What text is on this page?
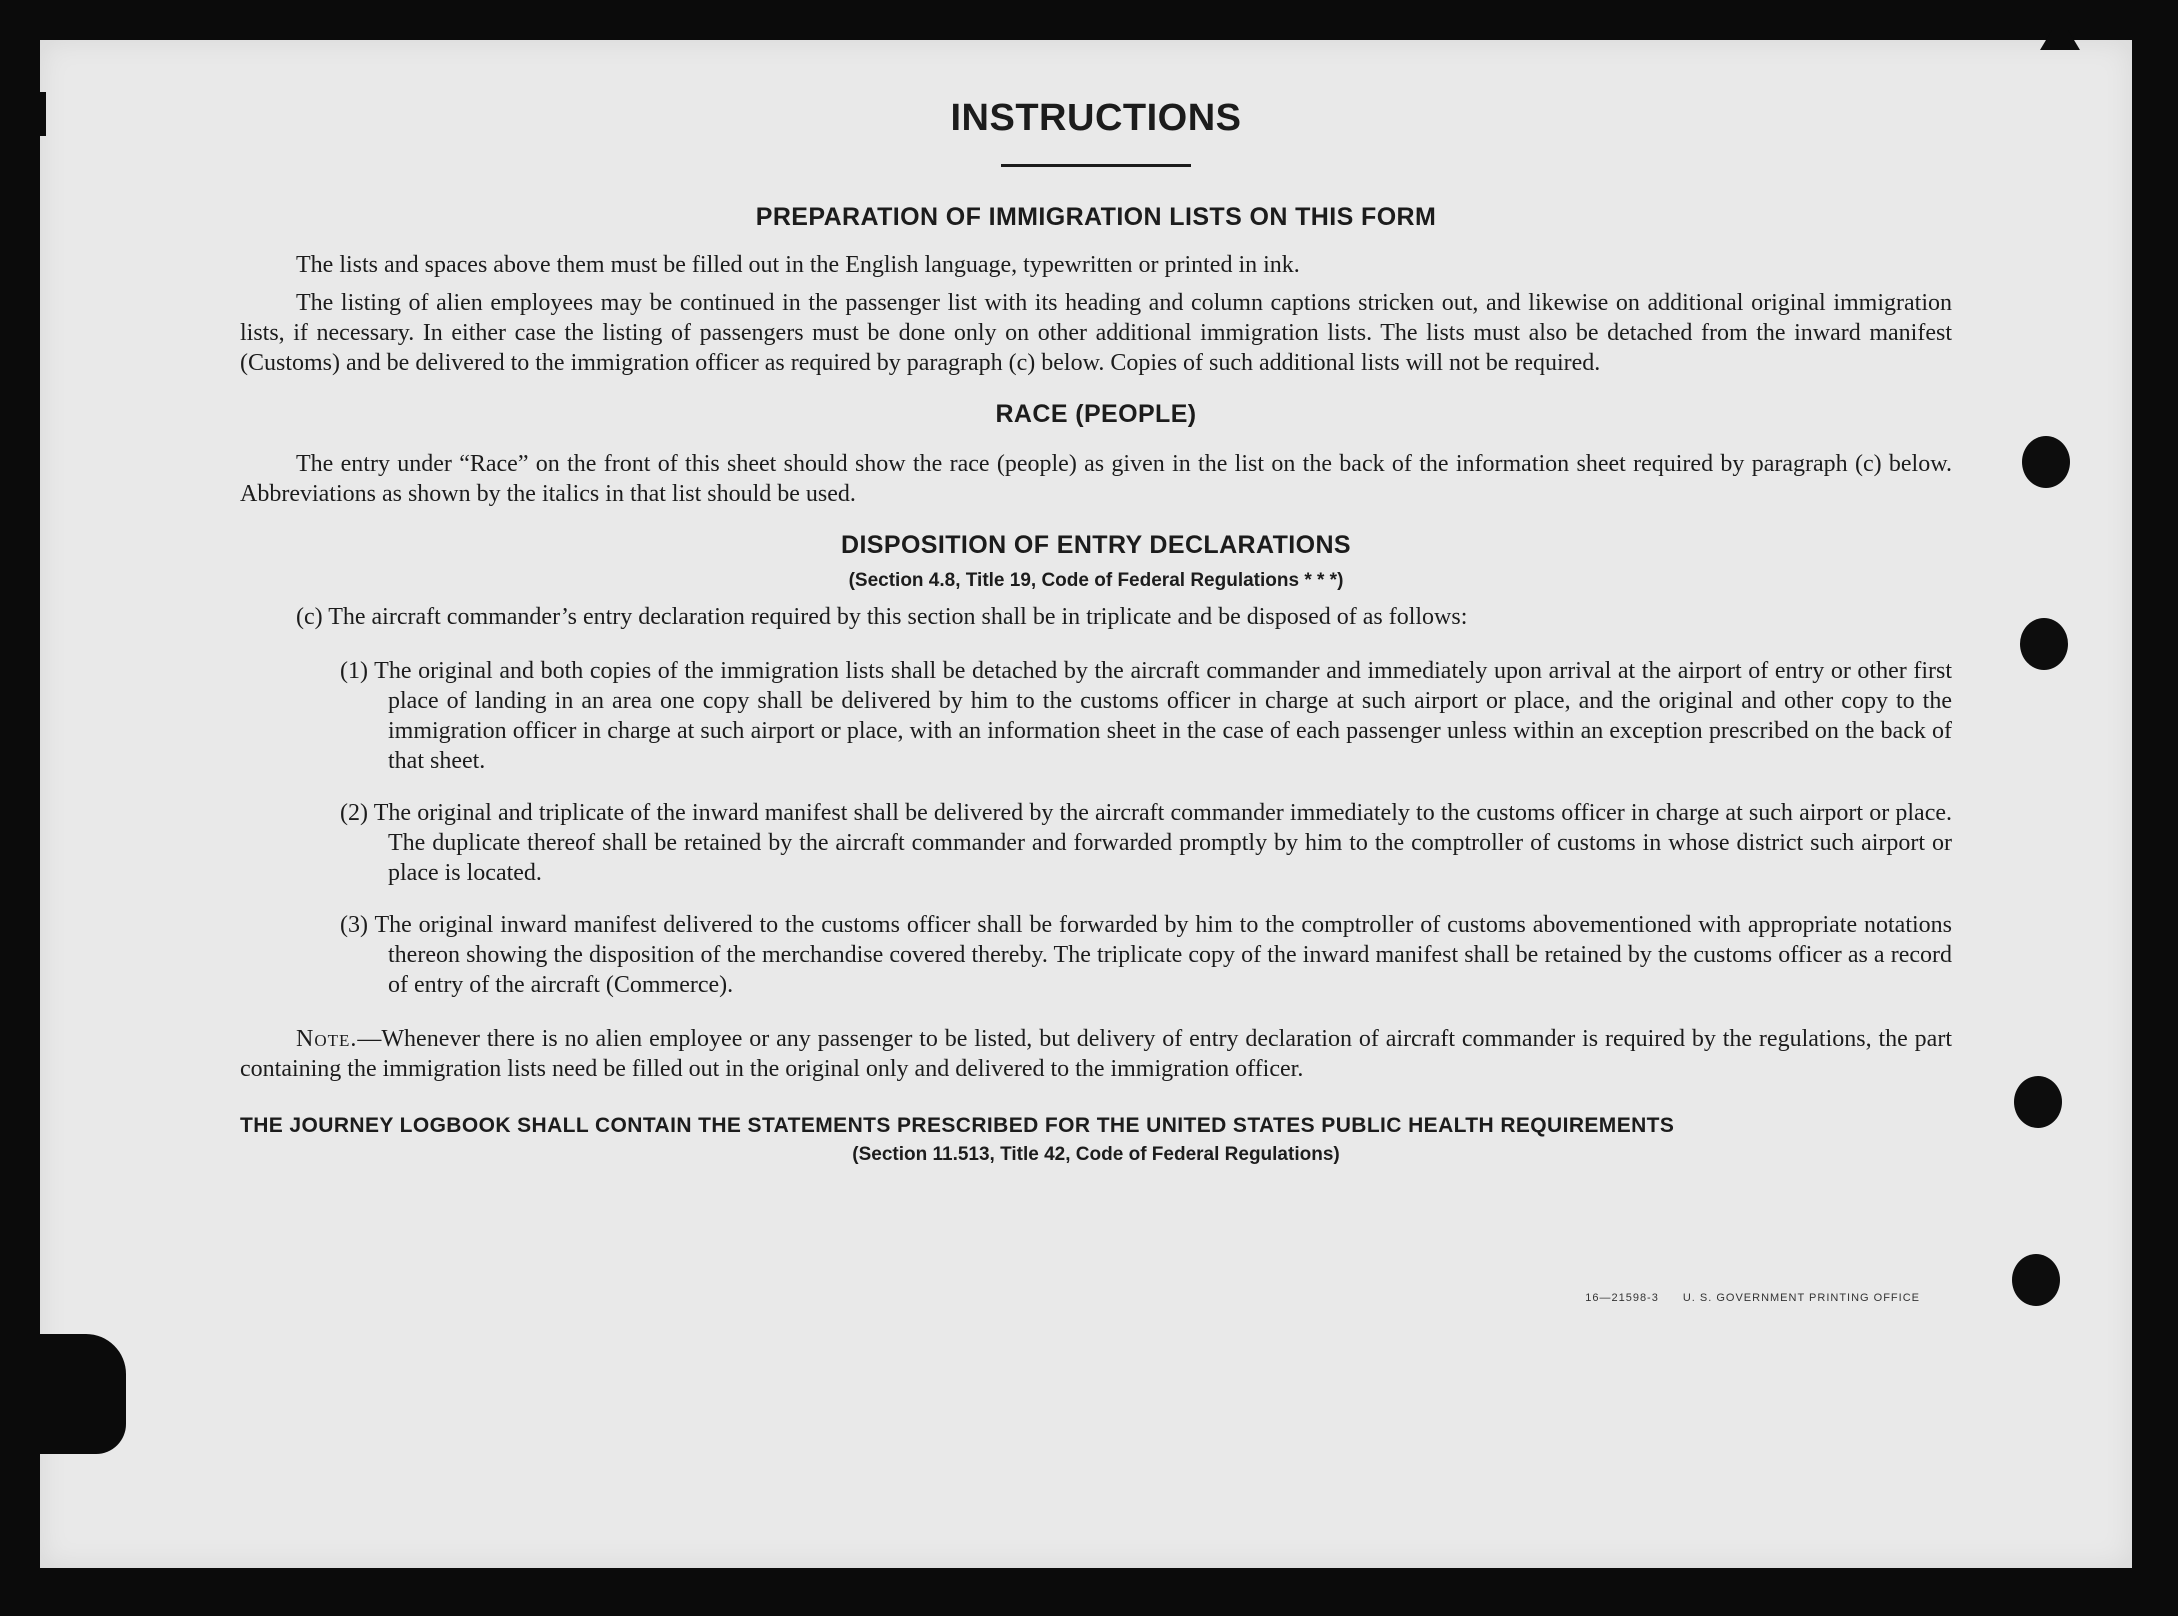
INSTRUCTIONS
PREPARATION OF IMMIGRATION LISTS ON THIS FORM

The lists and spaces above them must be filled out in the English language, typewritten or printed in ink.

The listing of alien employees may be continued in the passenger list with its heading and column captions stricken out, and likewise on additional original immigration lists, if necessary. In either case the listing of passengers must be done only on other additional immigration lists. The lists must also be detached from the inward manifest (Customs) and be delivered to the immigration officer as required by paragraph (c) below. Copies of such additional lists will not be required.

RACE (PEOPLE)

The entry under “Race” on the front of this sheet should show the race (people) as given in the list on the back of the information sheet required by paragraph (c) below. Abbreviations as shown by the italics in that list should be used.

DISPOSITION OF ENTRY DECLARATIONS
(Section 4.8, Title 19, Code of Federal Regulations * * *)

(c) The aircraft commander’s entry declaration required by this section shall be in triplicate and be disposed of as follows:

(1) The original and both copies of the immigration lists shall be detached by the aircraft commander and immediately upon arrival at the airport of entry or other first place of landing in an area one copy shall be delivered by him to the customs officer in charge at such airport or place, and the original and other copy to the immigration officer in charge at such airport or place, with an information sheet in the case of each passenger unless within an exception prescribed on the back of that sheet.

(2) The original and triplicate of the inward manifest shall be delivered by the aircraft commander immediately to the customs officer in charge at such airport or place. The duplicate thereof shall be retained by the aircraft commander and forwarded promptly by him to the comptroller of customs in whose district such airport or place is located.

(3) The original inward manifest delivered to the customs officer shall be forwarded by him to the comptroller of customs abovementioned with appropriate notations thereon showing the disposition of the merchandise covered thereby. The triplicate copy of the inward manifest shall be retained by the customs officer as a record of entry of the aircraft (Commerce).

Note.—Whenever there is no alien employee or any passenger to be listed, but delivery of entry declaration of aircraft commander is required by the regulations, the part containing the immigration lists need be filled out in the original only and delivered to the immigration officer.

THE JOURNEY LOGBOOK SHALL CONTAIN THE STATEMENTS PRESCRIBED FOR THE UNITED STATES PUBLIC HEALTH REQUIREMENTS

(Section 11.513, Title 42, Code of Federal Regulations)
16—21598-3 U. S. GOVERNMENT PRINTING OFFICE
